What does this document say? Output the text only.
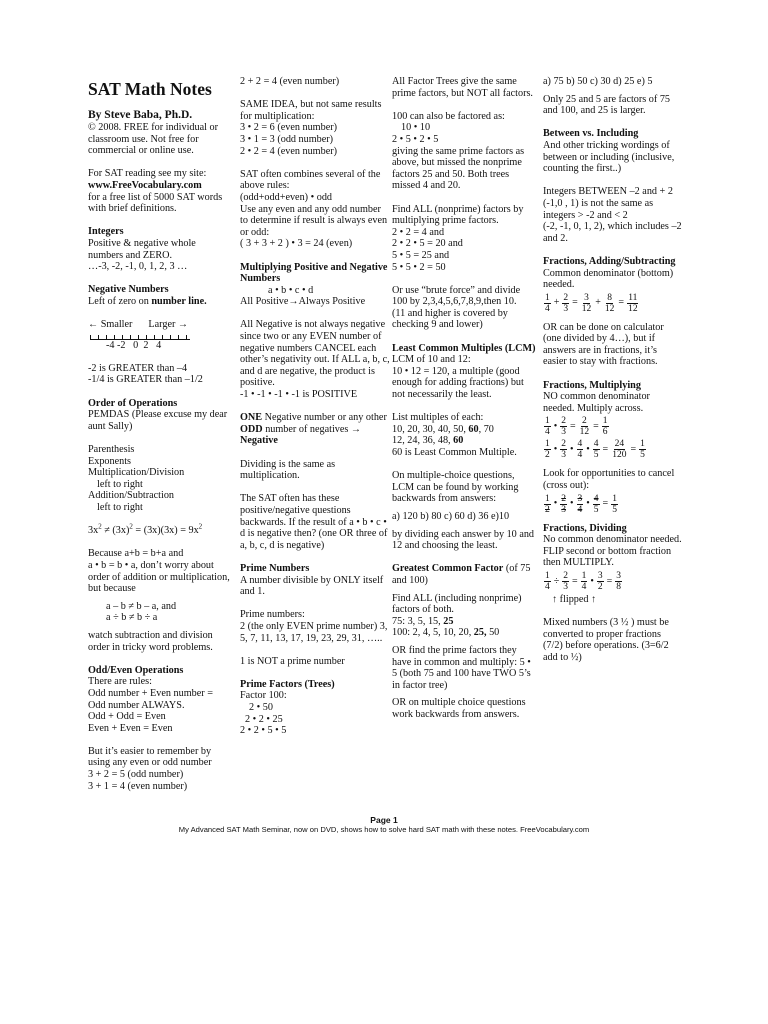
SAT Math Notes
By Steve Baba, Ph.D.
© 2008. FREE for individual or classroom use. Not free for commercial or online use.
For SAT reading see my site:
www.FreeVocabulary.com
for a free list of 5000 SAT words with brief definitions.
Integers
Positive & negative whole numbers and ZERO.
…-3, -2, -1, 0, 1, 2, 3 …
Negative Numbers
Left of zero on number line.
← Smaller Larger →
-4 -2   0  2   4
-2 is GREATER than –4
-1/4 is GREATER than –1/2
Order of Operations
PEMDAS (Please excuse my dear aunt Sally)
Parenthesis
Exponents
Multiplication/Division
left to right
Addition/Subtraction
left to right
$3x^2 \ne (3x)^2 = (3x)(3x) = 9x^2$
Because a+b = b+a and
a • b = b • a, don’t worry about order of addition or multiplication, but because
a – b ≠ b – a, and
a ÷ b ≠ b ÷ a
watch subtraction and division order in tricky word problems.
Odd/Even Operations
There are rules:
Odd number + Even number = Odd number ALWAYS.
Odd + Odd = Even
Even + Even = Even
But it’s easier to remember by using any even or odd number
3 + 2 = 5 (odd number)
3 + 1 = 4 (even number)
2 + 2 = 4 (even number)
SAME IDEA, but not same results for multiplication:
3 • 2 = 6 (even number)
3 • 1 = 3 (odd number)
2 • 2 = 4 (even number)
SAT often combines several of the above rules:
(odd+odd+even) • odd
Use any even and any odd number to determine if result is always even or odd:
( 3 + 3 + 2 ) • 3 = 24 (even)
Multiplying Positive and Negative Numbers
a • b • c • d
All Positive→Always Positive
All Negative is not always negative since two or any EVEN number of negative numbers CANCEL each other’s negativity out. If ALL a, b, c, and d are negative, the product is positive.
-1 • -1 • -1 • -1 is POSITIVE
ONE Negative number or any other ODD number of negatives → Negative
Dividing is the same as multiplication.
The SAT often has these positive/negative questions backwards. If the result of a • b • c • d is negative then? (one OR three of a, b, c, d is negative)
Prime Numbers
A number divisible by ONLY itself and 1.
Prime numbers:
2 (the only EVEN prime number) 3, 5, 7, 11, 13, 17, 19, 23, 29, 31, …..
1 is NOT a prime number
Prime Factors (Trees)
Factor 100:
2 • 50
2 • 2 • 25
2 • 2 • 5 • 5
All Factor Trees give the same prime factors, but NOT all factors.
100 can also be factored as:
10 • 10
2 • 5 • 2 • 5
giving the same prime factors as above, but missed the nonprime factors 25 and 50. Both trees missed 4 and 20.
Find ALL (nonprime) factors by multiplying prime factors.
2 • 2 = 4 and
2 • 2 • 5 = 20 and
5 • 5 = 25 and
5 • 5 • 2 = 50
Or use “brute force” and divide 100 by 2,3,4,5,6,7,8,9,then 10.
(11 and higher is covered by checking 9 and lower)
Least Common Multiples (LCM)
LCM of 10 and 12:
10 • 12 = 120, a multiple (good enough for adding fractions) but not necessarily the least.
List multiples of each:
10, 20, 30, 40, 50, 60, 70
12, 24, 36, 48, 60
60 is Least Common Multiple.
On multiple-choice questions, LCM can be found by working backwards from answers:
a) 120 b) 80 c) 60 d) 36 e)10
by dividing each answer by 10 and 12 and choosing the least.
Greatest Common Factor (of 75 and 100)
Find ALL (including nonprime) factors of both.
75: 3, 5, 15, 25
100: 2, 4, 5, 10, 20, 25, 50
OR find the prime factors they have in common and multiply: 5 • 5 (both 75 and 100 have TWO 5’s in factor tree)
OR on multiple choice questions work backwards from answers.
a) 75 b) 50 c) 30 d) 25 e) 5
Only 25 and 5 are factors of 75 and 100, and 25 is larger.
Between vs. Including
And other tricking wordings of between or including (inclusive, counting the first..)
Integers BETWEEN –2 and + 2 (-1,0 , 1) is not the same as integers > -2 and < 2
(-2, -1, 0, 1, 2), which includes –2 and 2.
Fractions, Adding/Subtracting
Common denominator (bottom) needed.
$\frac{1}{4} + \frac{2}{3} = \frac{3}{12} + \frac{8}{12} = \frac{11}{12}$
OR can be done on calculator (one divided by 4…), but if answers are in fractions, it’s easier to stay with fractions.
Fractions, Multiplying
NO common denominator needed. Multiply across.
$\frac{1}{4}$ • $\frac{2}{3} = \frac{2}{12} = \frac{1}{6}$
$\frac{1}{2}$ • $\frac{2}{3}$ • $\frac{4}{4}$ • $\frac{4}{5} = \frac{24}{120} = \frac{1}{5}$
Look for opportunities to cancel (cross out):
$\frac{1}{2}$ • $\frac{2}{3}$ • $\frac{3}{4}$ • $\frac{4}{5} = \frac{1}{5}$
Fractions, Dividing
No common denominator needed. FLIP second or bottom fraction then MULTIPLY.
$\frac{1}{4} \div \frac{2}{3} = \frac{1}{4}$ • $\frac{3}{2} = \frac{3}{8}$
↑ flipped ↑
Mixed numbers (3 ½ ) must be converted to proper fractions (7/2) before operations. (3=6/2 add to ½)
Page 1
My Advanced SAT Math Seminar, now on DVD, shows how to solve hard SAT math with these notes. FreeVocabulary.com
